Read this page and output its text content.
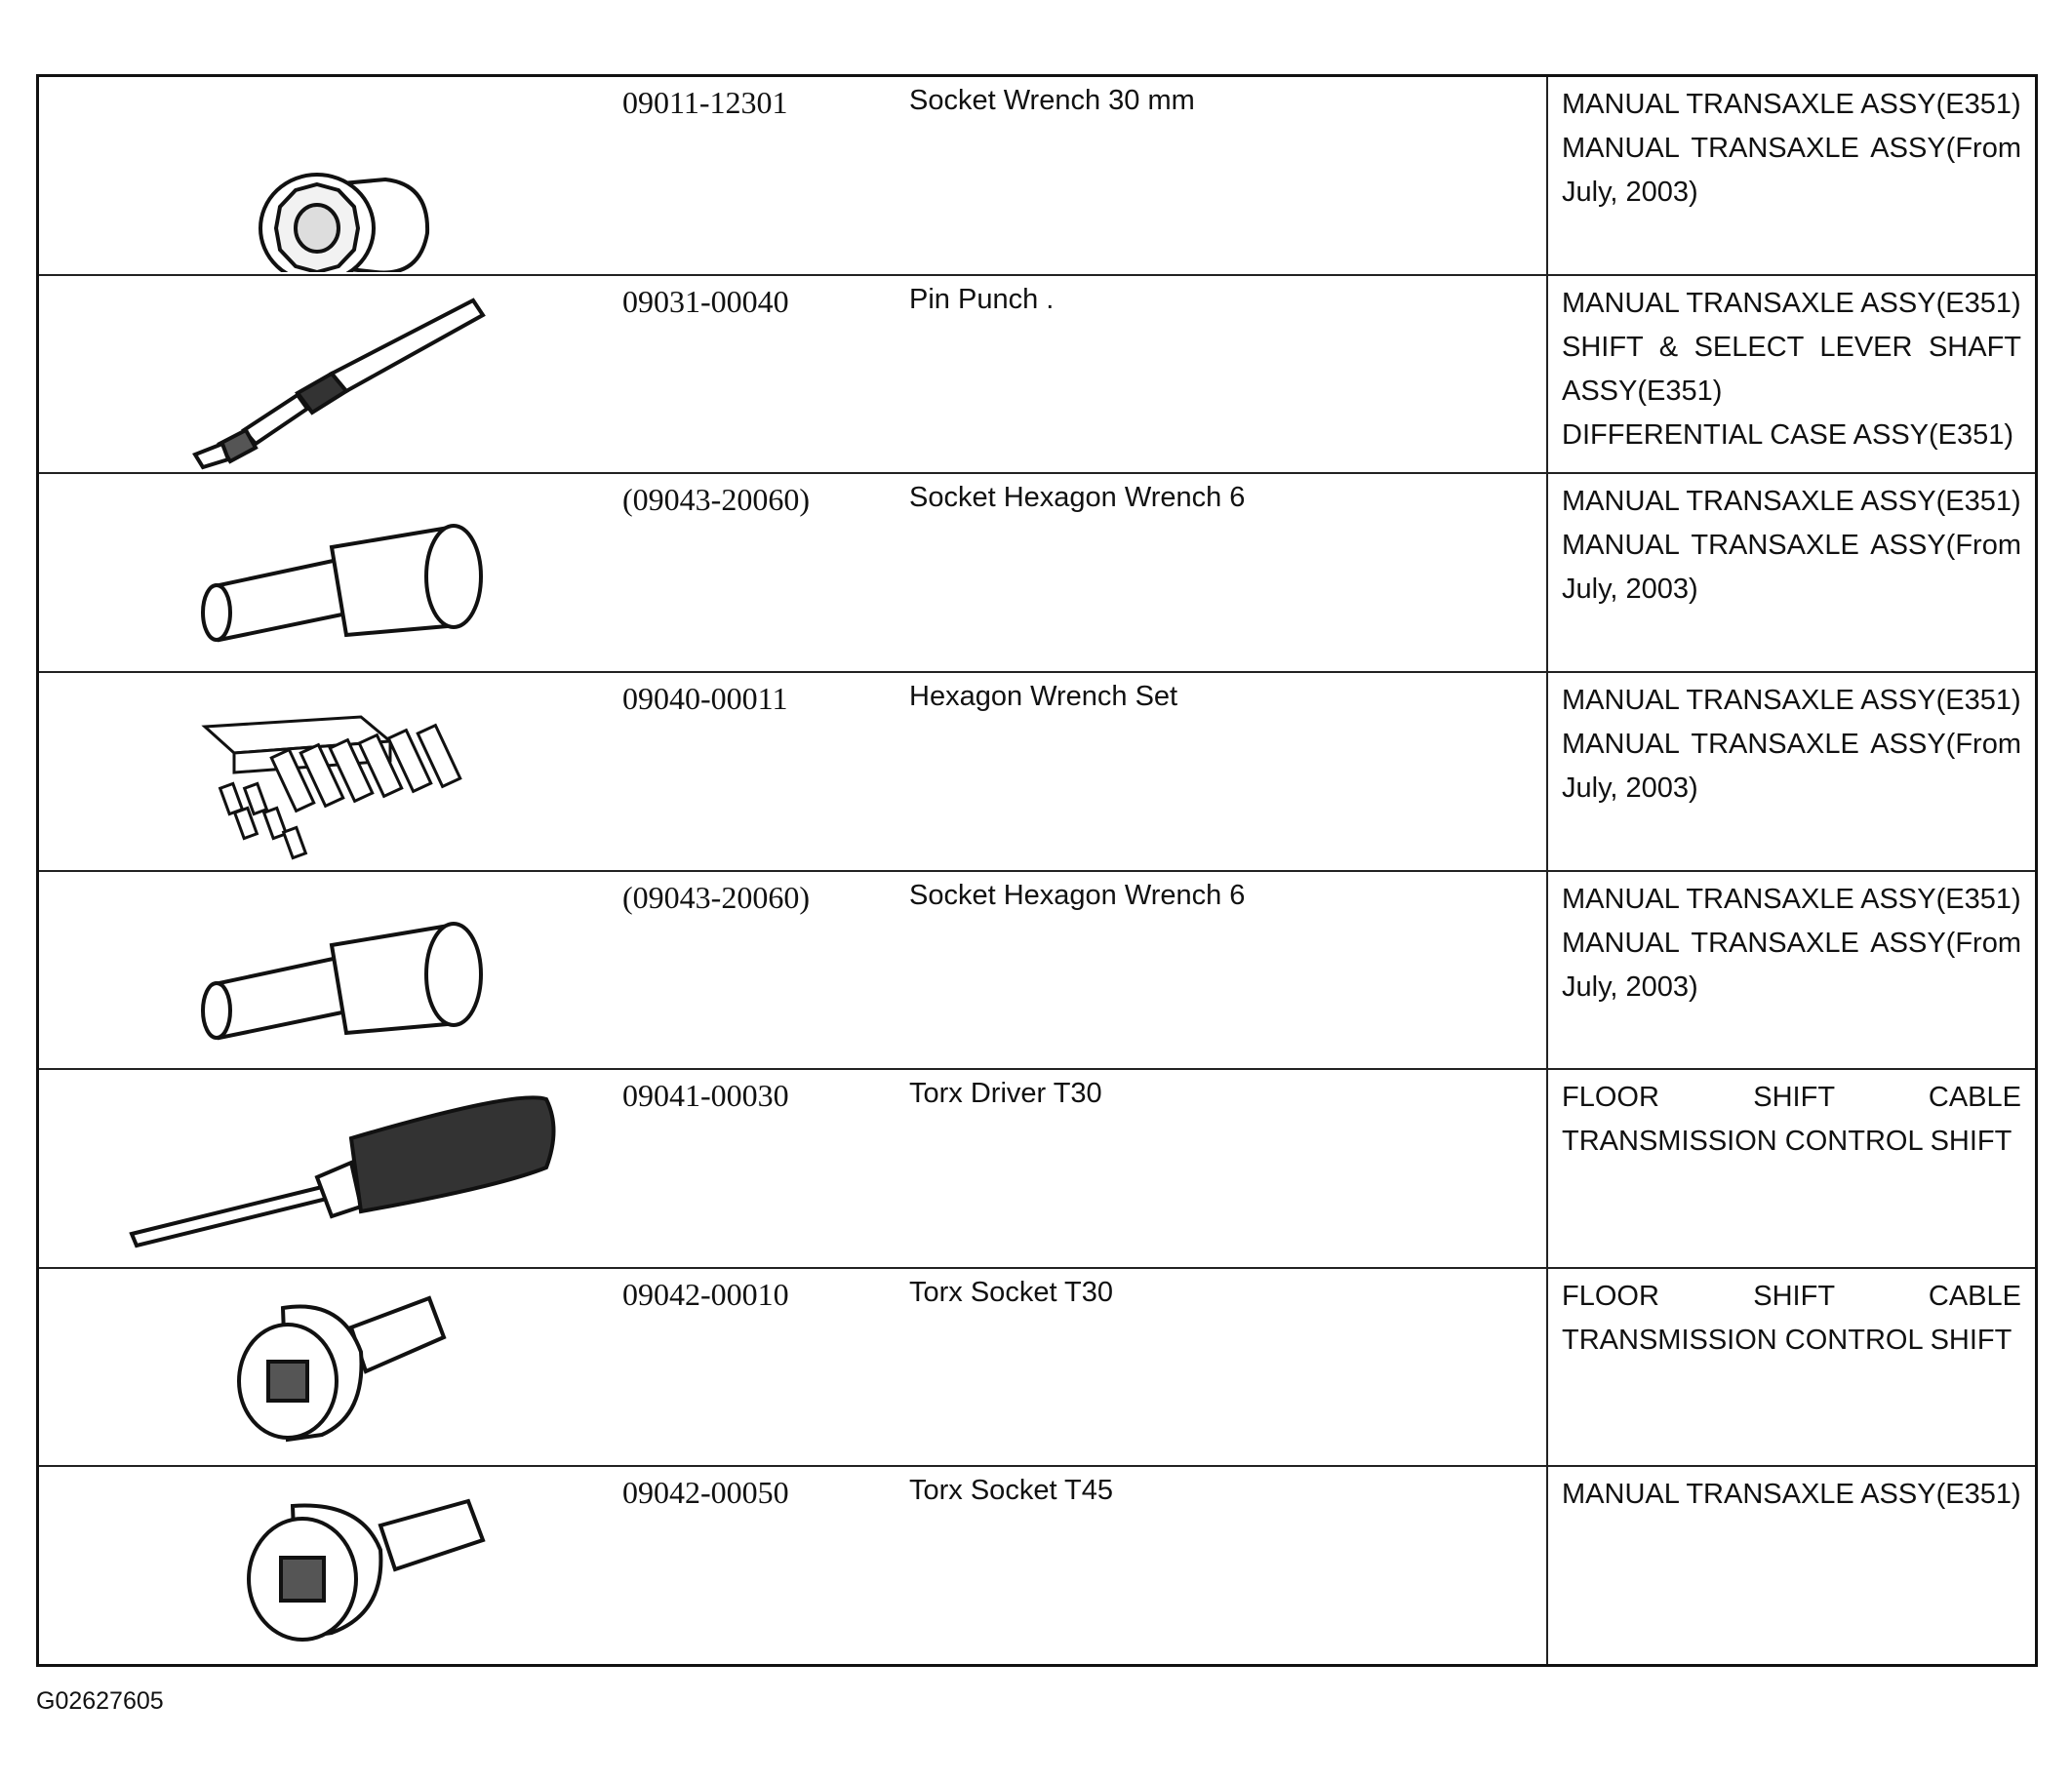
09011-12301	Socket Wrench 30 mm	MANUAL TRANSAXLE ASSY(E351)
MANUAL TRANSAXLE ASSY(From
July, 2003)
09031-00040	Pin Punch .	MANUAL TRANSAXLE ASSY(E351)
SHIFT & SELECT LEVER SHAFT
ASSY(E351)
DIFFERENTIAL CASE ASSY(E351)
(09043-20060)	Socket Hexagon Wrench 6	MANUAL TRANSAXLE ASSY(E351)
MANUAL TRANSAXLE ASSY(From
July, 2003)
09040-00011	Hexagon Wrench Set	MANUAL TRANSAXLE ASSY(E351)
MANUAL TRANSAXLE ASSY(From
July, 2003)
(09043-20060)	Socket Hexagon Wrench 6	MANUAL TRANSAXLE ASSY(E351)
MANUAL TRANSAXLE ASSY(From
July, 2003)
09041-00030	Torx Driver T30	FLOOR SHIFT CABLE
TRANSMISSION CONTROL SHIFT
09042-00010	Torx Socket T30	FLOOR SHIFT CABLE
TRANSMISSION CONTROL SHIFT
09042-00050	Torx Socket T45	MANUAL TRANSAXLE ASSY(E351)
G02627605
